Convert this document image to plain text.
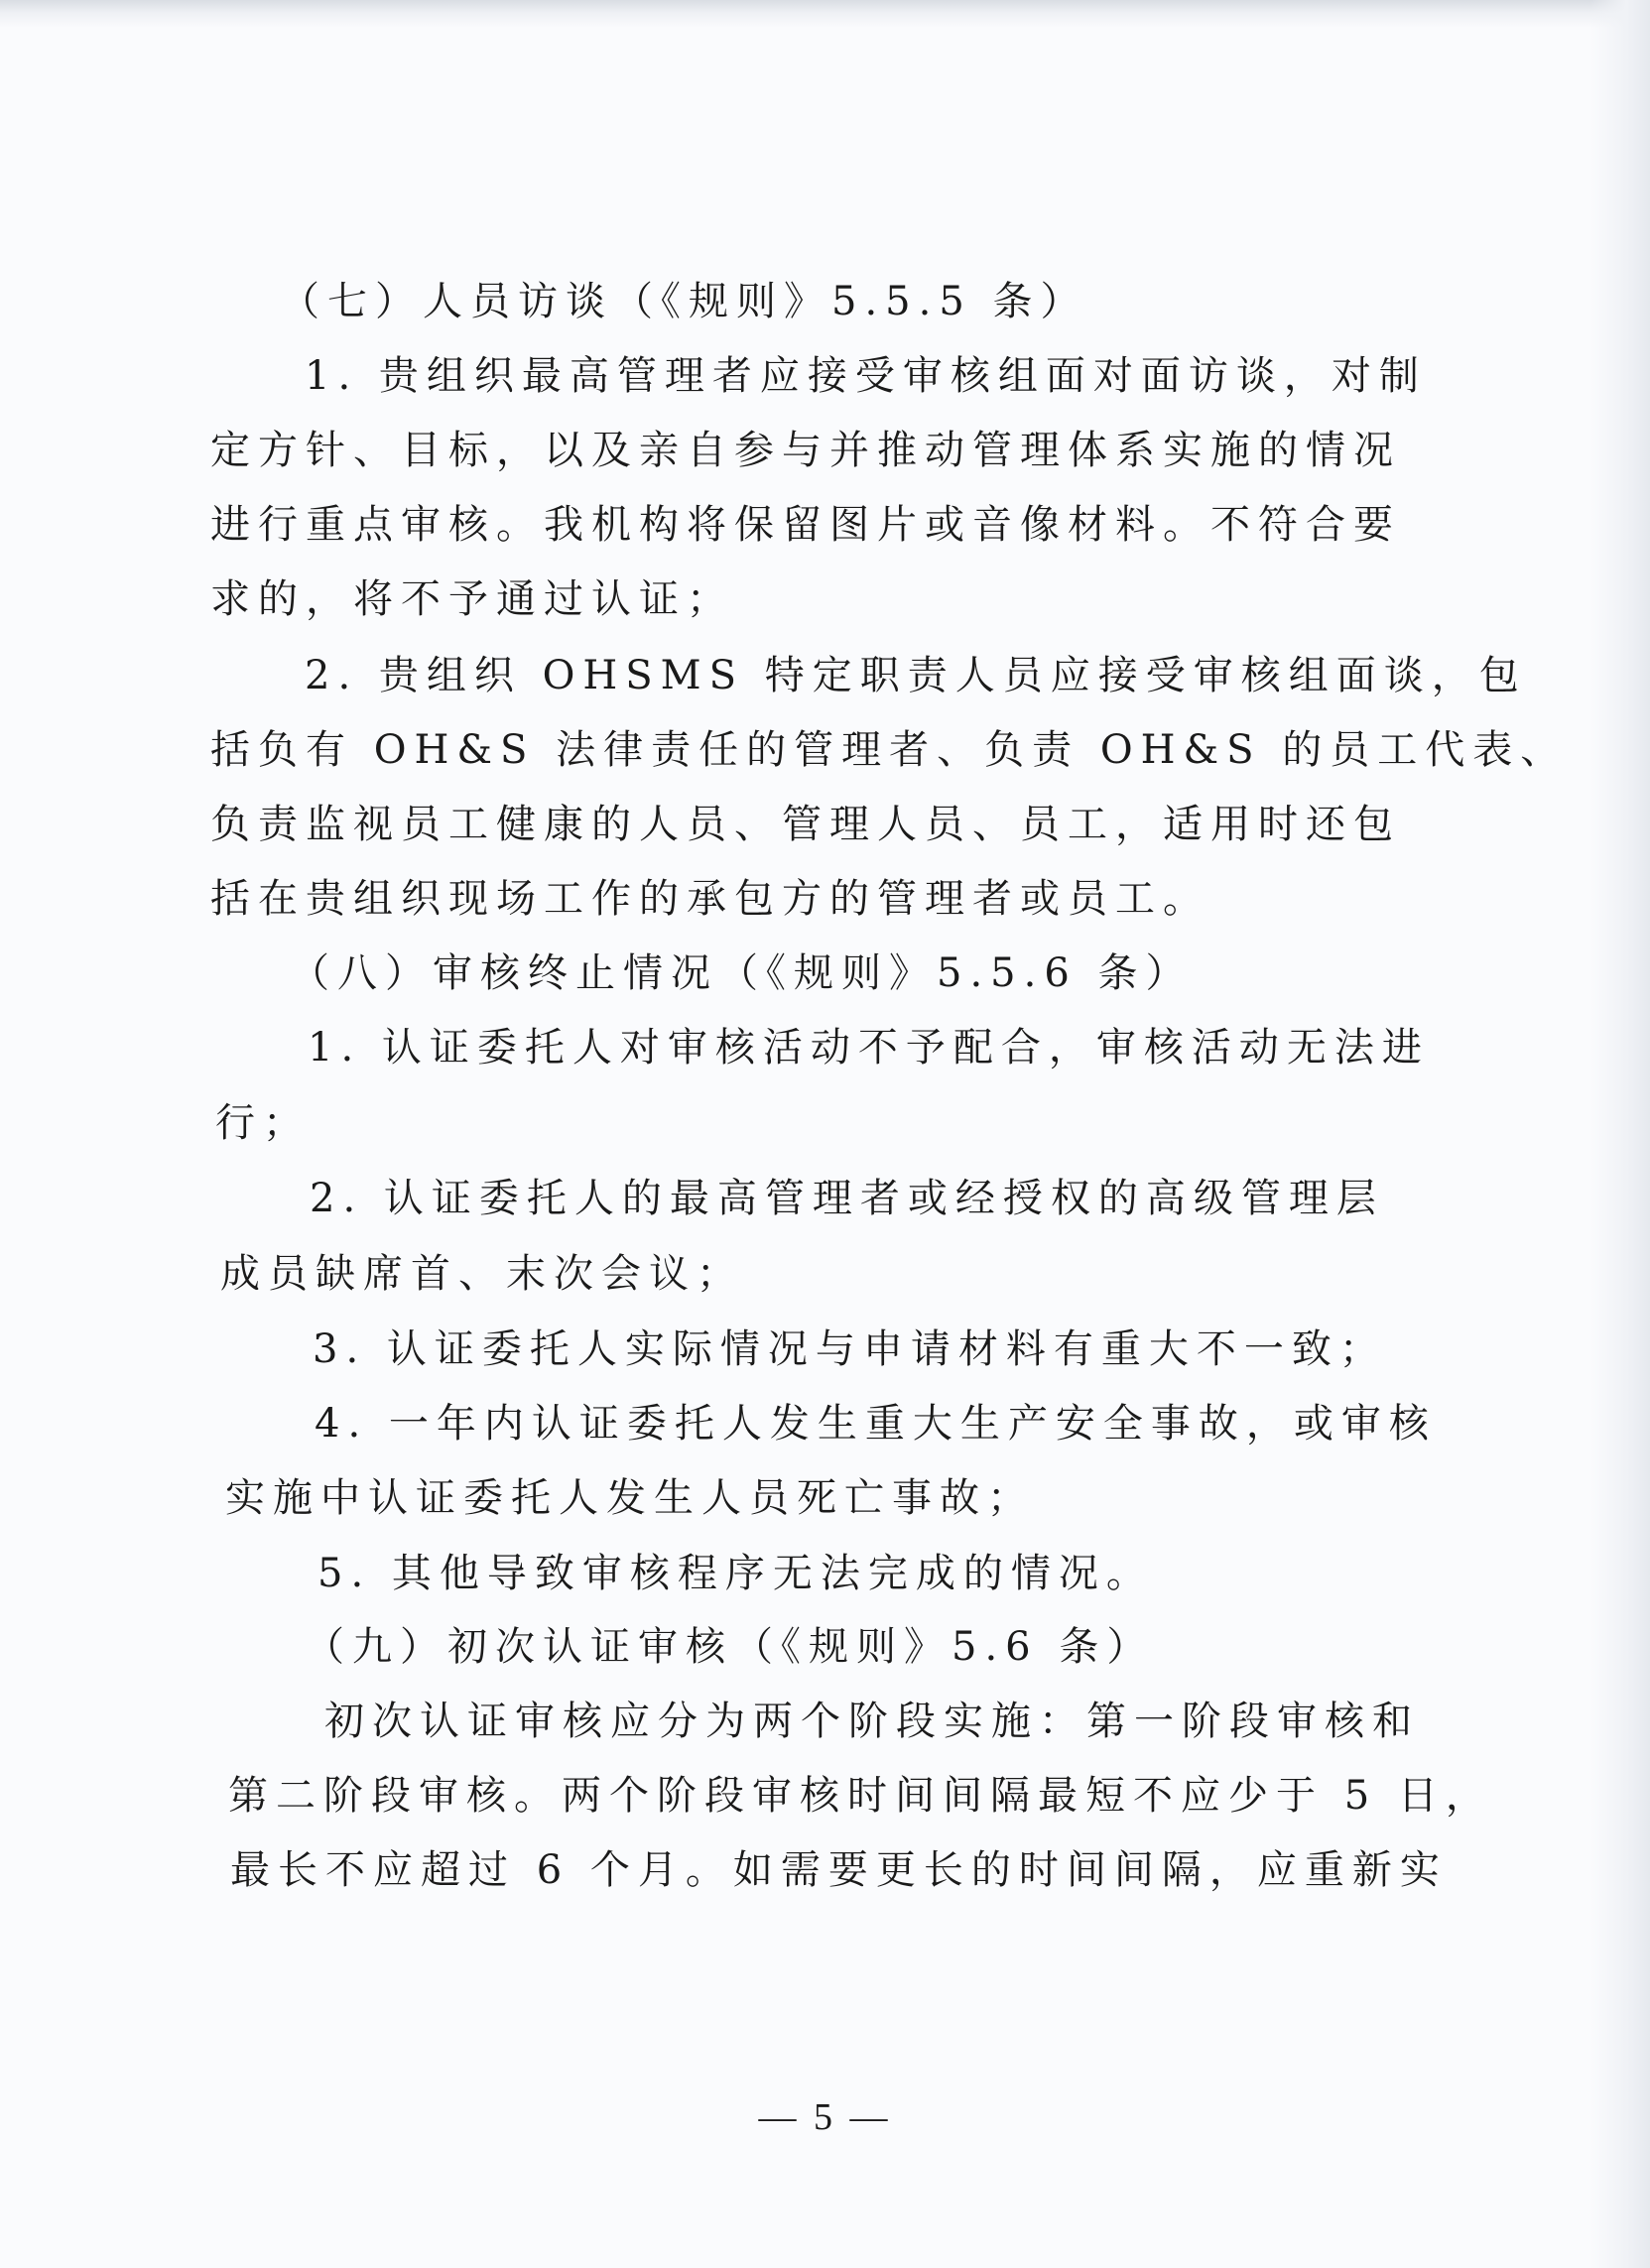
（七）人员访谈（《规则》5.5.5 条）
1. 贵组织最高管理者应接受审核组面对面访谈，对制
定方针、目标，以及亲自参与并推动管理体系实施的情况
进行重点审核。我机构将保留图片或音像材料。不符合要
求的，将不予通过认证；
2. 贵组织 OHSMS 特定职责人员应接受审核组面谈，包
括负有 OH&S 法律责任的管理者、负责 OH&S 的员工代表、
负责监视员工健康的人员、管理人员、员工，适用时还包
括在贵组织现场工作的承包方的管理者或员工。
（八）审核终止情况（《规则》5.5.6 条）
1. 认证委托人对审核活动不予配合，审核活动无法进
行；
2. 认证委托人的最高管理者或经授权的高级管理层
成员缺席首、末次会议；
3. 认证委托人实际情况与申请材料有重大不一致；
4. 一年内认证委托人发生重大生产安全事故，或审核
实施中认证委托人发生人员死亡事故；
5. 其他导致审核程序无法完成的情况。
（九）初次认证审核（《规则》5.6 条）
初次认证审核应分为两个阶段实施：第一阶段审核和
第二阶段审核。两个阶段审核时间间隔最短不应少于 5 日，
最长不应超过 6 个月。如需要更长的时间间隔，应重新实
— 5 —
